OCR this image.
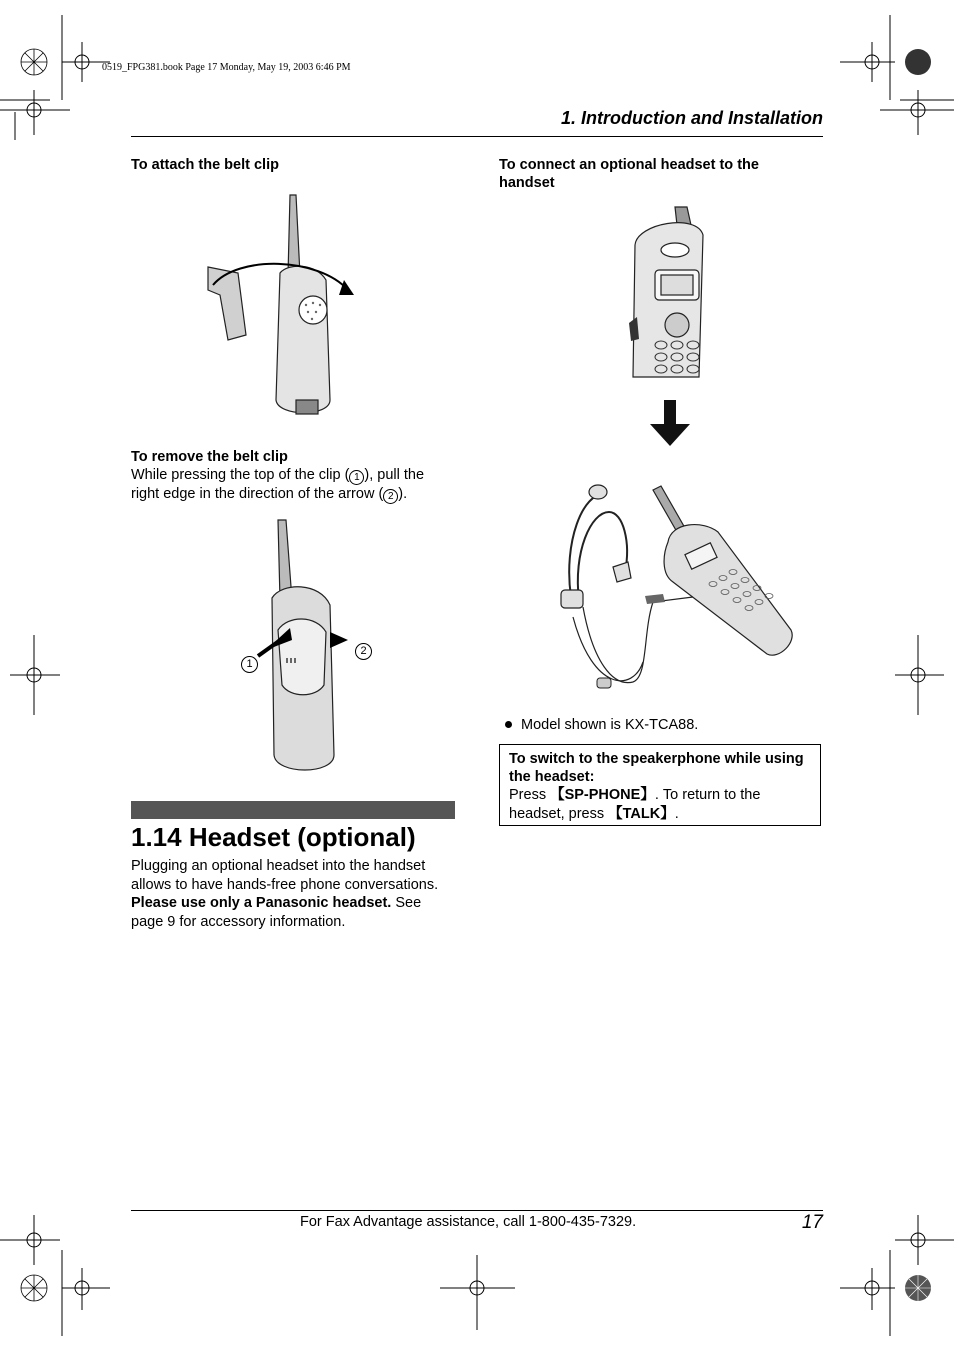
0519_FPG381.book Page 17 Monday, May 19, 2003 6:46 PM
1. Introduction and Installation
To attach the belt clip
To remove the belt clip
While pressing the top of the clip ( 1 ), pull the right edge in the direction of the arrow ( 2 ).
1
2
1.14 Headset (optional)
Plugging an optional headset into the handset allows to have hands-free phone conversations. Please use only a Panasonic headset. See page 9 for accessory information.
To connect an optional headset to the handset
Model shown is KX-TCA88.
To switch to the speakerphone while using the headset:
Press 【SP-PHONE】. To return to the headset, press 【TALK】.
For Fax Advantage assistance, call 1-800-435-7329.	17
